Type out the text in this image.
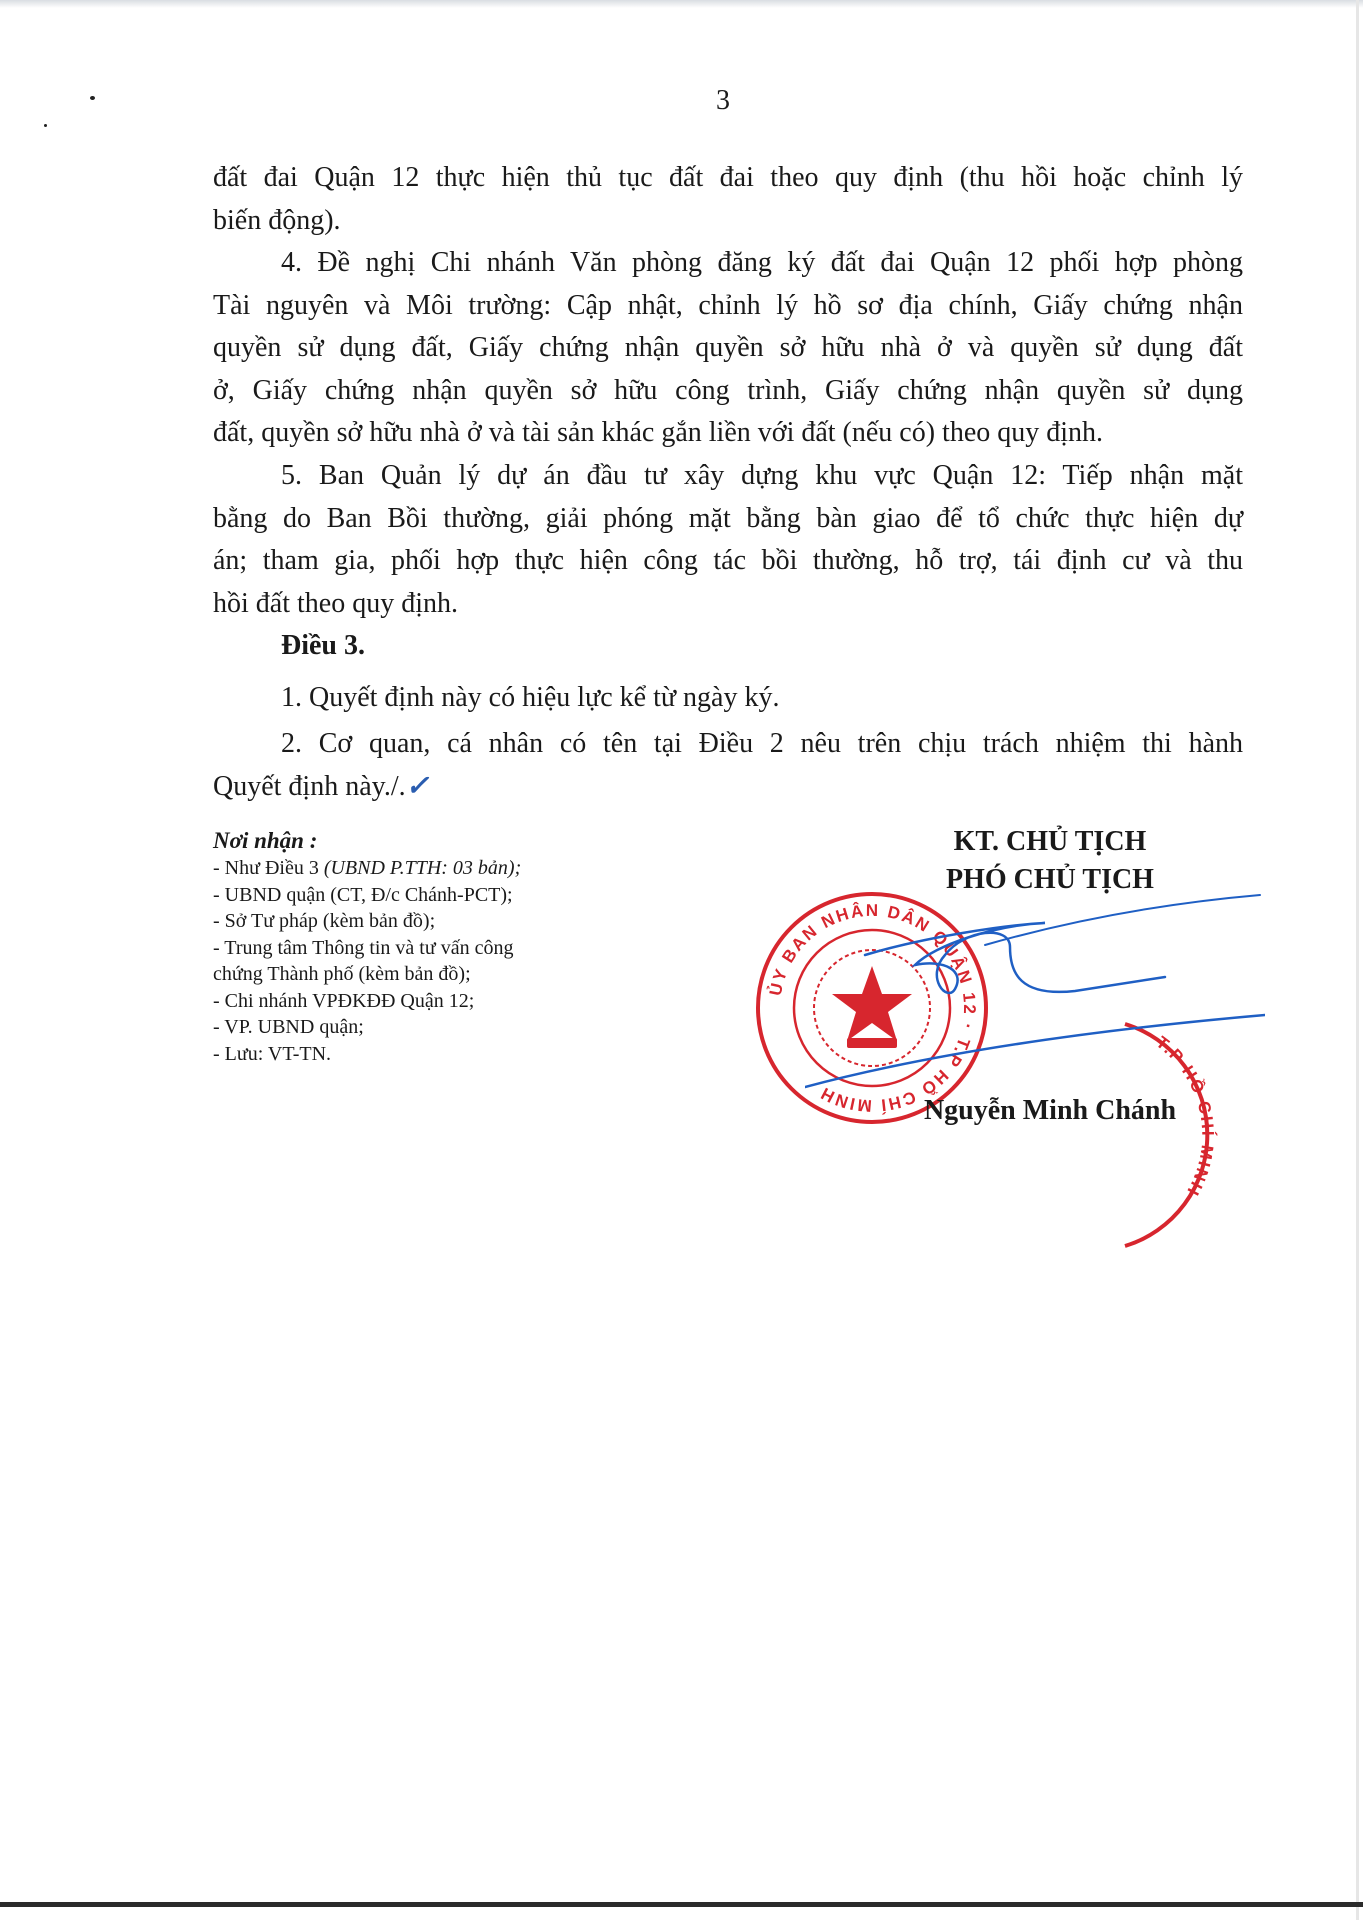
3
đất đai Quận 12 thực hiện thủ tục đất đai theo quy định (thu hồi hoặc chỉnh lý
biến động).
4. Đề nghị Chi nhánh Văn phòng đăng ký đất đai Quận 12 phối hợp phòng
Tài nguyên và Môi trường: Cập nhật, chỉnh lý hồ sơ địa chính, Giấy chứng nhận
quyền sử dụng đất, Giấy chứng nhận quyền sở hữu nhà ở và quyền sử dụng đất
ở, Giấy chứng nhận quyền sở hữu công trình, Giấy chứng nhận quyền sử dụng
đất, quyền sở hữu nhà ở và tài sản khác gắn liền với đất (nếu có) theo quy định.
5. Ban Quản lý dự án đầu tư xây dựng khu vực Quận 12: Tiếp nhận mặt
bằng do Ban Bồi thường, giải phóng mặt bằng bàn giao để tổ chức thực hiện dự
án; tham gia, phối hợp thực hiện công tác bồi thường, hỗ trợ, tái định cư và thu
hồi đất theo quy định.
Điều 3.
1. Quyết định này có hiệu lực kể từ ngày ký.
2. Cơ quan, cá nhân có tên tại Điều 2 nêu trên chịu trách nhiệm thi hành
Quyết định này./.✓
Nơi nhận :
- Như Điều 3 (UBND P.TTH: 03 bản);
- UBND quận (CT, Đ/c Chánh-PCT);
- Sở Tư pháp (kèm bản đồ);
- Trung tâm Thông tin và tư vấn công
chứng Thành phố (kèm bản đồ);
- Chi nhánh VPĐKĐĐ Quận 12;
- VP. UBND quận;
- Lưu: VT-TN.
KT. CHỦ TỊCH
PHÓ CHỦ TỊCH
ỦY BAN NHÂN DÂN QUẬN 12 · T.P HỒ CHÍ MINH
T.P HỒ CHÍ MINH
Nguyễn Minh Chánh
